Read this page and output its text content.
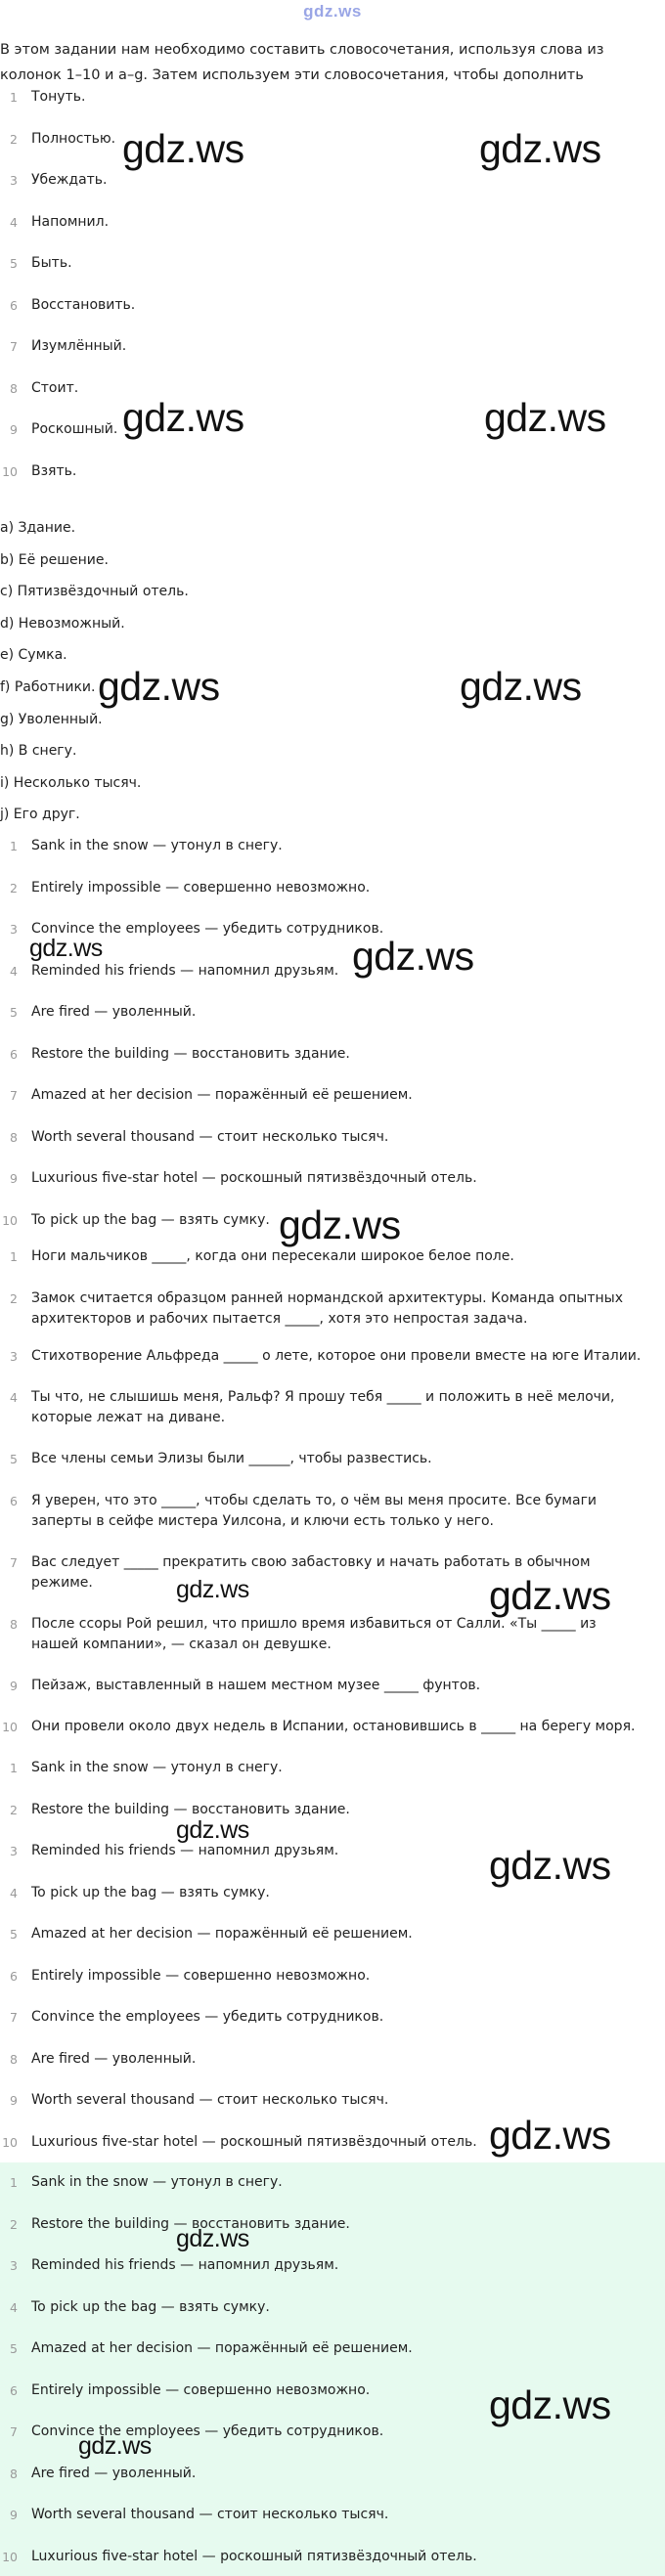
gdz.ws
В этом задании нам необходимо составить словосочетания, используя слова из колонок 1–10 и a–g. Затем используем эти словосочетания, чтобы дополнить
1 Тонуть.
2 Полностью.
3 Убеждать.
4 Напомнил.
5 Быть.
6 Восстановить.
7 Изумлённый.
8 Стоит.
9 Роскошный.
10 Взять.
a) Здание.
b) Её решение.
c) Пятизвёздочный отель.
d) Невозможный.
e) Сумка.
f) Работники.
g) Уволенный.
h) В снегу.
i) Несколько тысяч.
j) Его друг.
1 Sank in the snow — утонул в снегу.
2 Entirely impossible — совершенно невозможно.
3 Convince the employees — убедить сотрудников.
4 Reminded his friends — напомнил друзьям.
5 Are fired — уволенный.
6 Restore the building — восстановить здание.
7 Amazed at her decision — поражённый её решением.
8 Worth several thousand — стоит несколько тысяч.
9 Luxurious five-star hotel — роскошный пятизвёздочный отель.
10 To pick up the bag — взять сумку.
1 Ноги мальчиков _____, когда они пересекали широкое белое поле.
2 Замок считается образцом ранней нормандской архитектуры. Команда опытных архитекторов и рабочих пытается _____, хотя это непростая задача.
3 Стихотворение Альфреда _____ о лете, которое они провели вместе на юге Италии.
4 Ты что, не слышишь меня, Ральф? Я прошу тебя _____ и положить в неё мелочи, которые лежат на диване.
5 Все члены семьи Элизы были ______, чтобы развестись.
6 Я уверен, что это _____, чтобы сделать то, о чём вы меня просите. Все бумаги заперты в сейфе мистера Уилсона, и ключи есть только у него.
7 Вас следует _____ прекратить свою забастовку и начать работать в обычном режиме.
8 После ссоры Рой решил, что пришло время избавиться от Салли. «Ты _____ из нашей компании», — сказал он девушке.
9 Пейзаж, выставленный в нашем местном музее _____ фунтов.
10 Они провели около двух недель в Испании, остановившись в _____ на берегу моря.
1 Sank in the snow — утонул в снегу.
2 Restore the building — восстановить здание.
3 Reminded his friends — напомнил друзьям.
4 To pick up the bag — взять сумку.
5 Amazed at her decision — поражённый её решением.
6 Entirely impossible — совершенно невозможно.
7 Convince the employees — убедить сотрудников.
8 Are fired — уволенный.
9 Worth several thousand — стоит несколько тысяч.
10 Luxurious five-star hotel — роскошный пятизвёздочный отель.
1 Sank in the snow — утонул в снегу.
2 Restore the building — восстановить здание.
3 Reminded his friends — напомнил друзьям.
4 To pick up the bag — взять сумку.
5 Amazed at her decision — поражённый её решением.
6 Entirely impossible — совершенно невозможно.
7 Convince the employees — убедить сотрудников.
8 Are fired — уволенный.
9 Worth several thousand — стоит несколько тысяч.
10 Luxurious five-star hotel — роскошный пятизвёздочный отель.
gdz.ws	gdz.ws
gdz.ws	gdz.ws
gdz.ws	gdz.ws
gdz.ws	gdz.ws
gdz.ws
gdz.ws	gdz.ws
gdz.ws
gdz.ws
gdz.ws
gdz.ws
gdz.ws
gdz.ws
